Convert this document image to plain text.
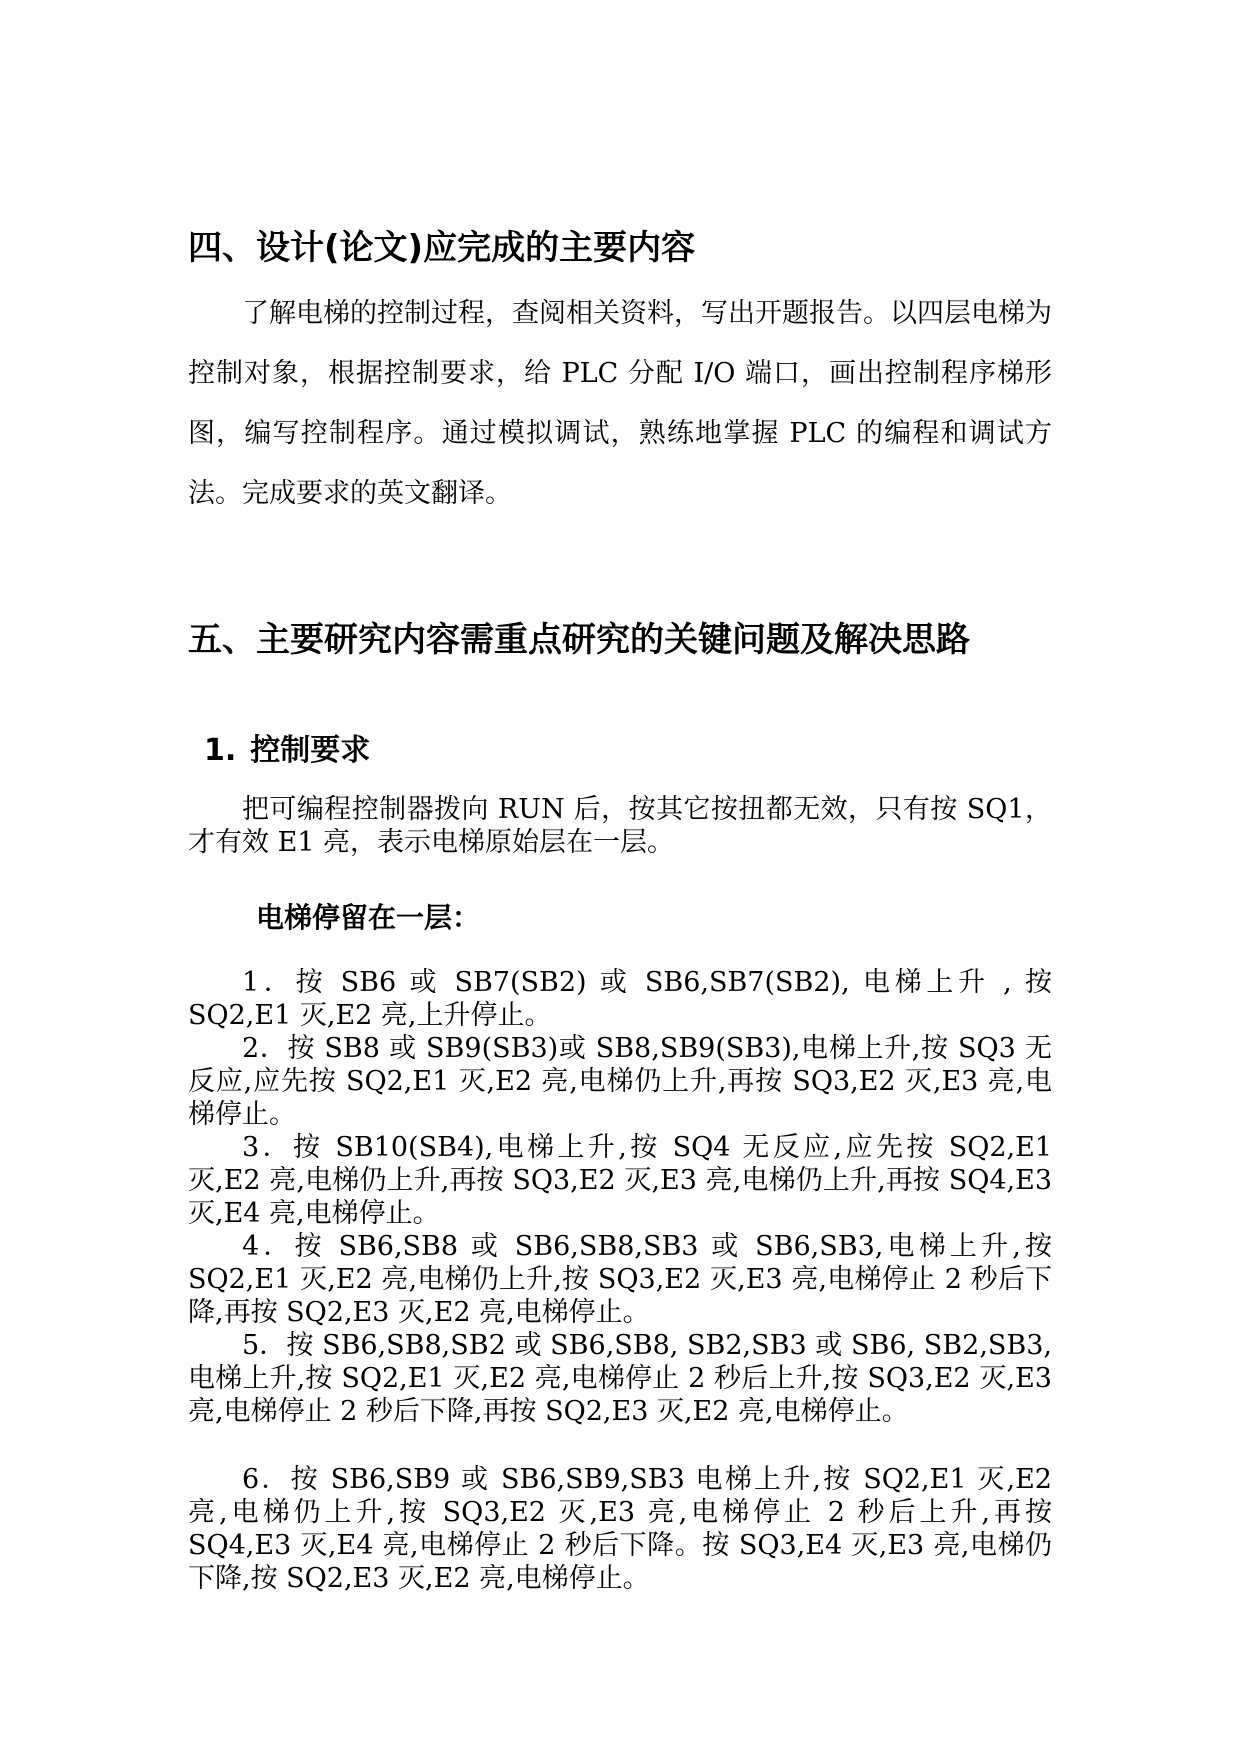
四、设计(论文)应完成的主要内容

了解电梯的控制过程，查阅相关资料，写出开题报告。以四层电梯为控制对象，根据控制要求，给 PLC 分配 I/O 端口，画出控制程序梯形图，编写控制程序。通过模拟调试，熟练地掌握 PLC 的编程和调试方法。完成要求的英文翻译。

五、主要研究内容需重点研究的关键问题及解决思路
1. 控制要求

把可编程控制器拨向 RUN 后，按其它按扭都无效，只有按 SQ1，才有效 E1 亮，表示电梯原始层在一层。

电梯停留在一层：

1．按 SB6 或 SB7(SB2) 或 SB6,SB7(SB2), 电梯上升 , 按 SQ2,E1 灭,E2 亮,上升停止。

2．按 SB8 或 SB9(SB3)或 SB8,SB9(SB3),电梯上升,按 SQ3 无反应,应先按 SQ2,E1 灭,E2 亮,电梯仍上升,再按 SQ3,E2 灭,E3 亮,电梯停止。

3．按 SB10(SB4),电梯上升,按 SQ4 无反应,应先按 SQ2,E1 灭,E2 亮,电梯仍上升,再按 SQ3,E2 灭,E3 亮,电梯仍上升,再按 SQ4,E3 灭,E4 亮,电梯停止。

4．按 SB6,SB8 或 SB6,SB8,SB3 或 SB6,SB3,电梯上升,按 SQ2,E1 灭,E2 亮,电梯仍上升,按 SQ3,E2 灭,E3 亮,电梯停止 2 秒后下降,再按 SQ2,E3 灭,E2 亮,电梯停止。

5．按 SB6,SB8,SB2 或 SB6,SB8, SB2,SB3 或 SB6, SB2,SB3,电梯上升,按 SQ2,E1 灭,E2 亮,电梯停止 2 秒后上升,按 SQ3,E2 灭,E3 亮,电梯停止 2 秒后下降,再按 SQ2,E3 灭,E2 亮,电梯停止。

6．按 SB6,SB9 或 SB6,SB9,SB3 电梯上升,按 SQ2,E1 灭,E2 亮,电梯仍上升,按 SQ3,E2 灭,E3 亮,电梯停止 2 秒后上升,再按 SQ4,E3 灭,E4 亮,电梯停止 2 秒后下降。按 SQ3,E4 灭,E3 亮,电梯仍下降,按 SQ2,E3 灭,E2 亮,电梯停止。
